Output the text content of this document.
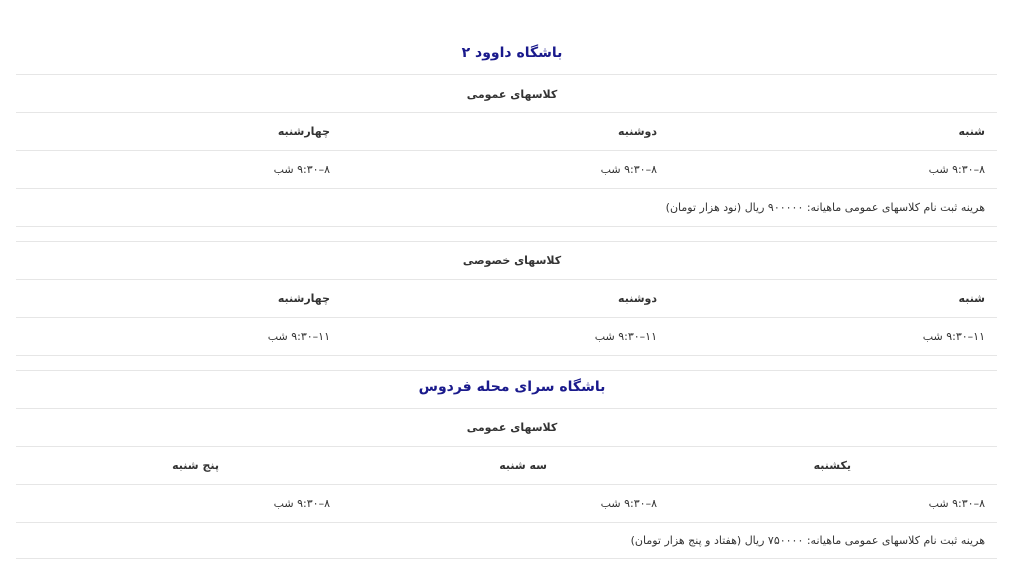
باشگاه داوود ۲
کلاسهای عمومی
شنبه
دوشنبه
چهارشنبه
۸–۹:۳۰ شب
۸–۹:۳۰ شب
۸–۹:۳۰ شب
هرینه ثبت نام کلاسهای عمومی ماهیانه: ۹۰۰۰۰۰ ریال (نود هزار تومان)
کلاسهای خصوصی
شنبه
دوشنبه
چهارشنبه
۱۱–۹:۳۰ شب
۱۱–۹:۳۰ شب
۱۱–۹:۳۰ شب
باشگاه سرای محله فردوس
کلاسهای عمومی
یکشنبه
سه شنبه
پنج شنبه
۸–۹:۳۰ شب
۸–۹:۳۰ شب
۸–۹:۳۰ شب
هرینه ثبت نام کلاسهای عمومی ماهیانه: ۷۵۰۰۰۰ ریال (هفتاد و پنج هزار تومان)
